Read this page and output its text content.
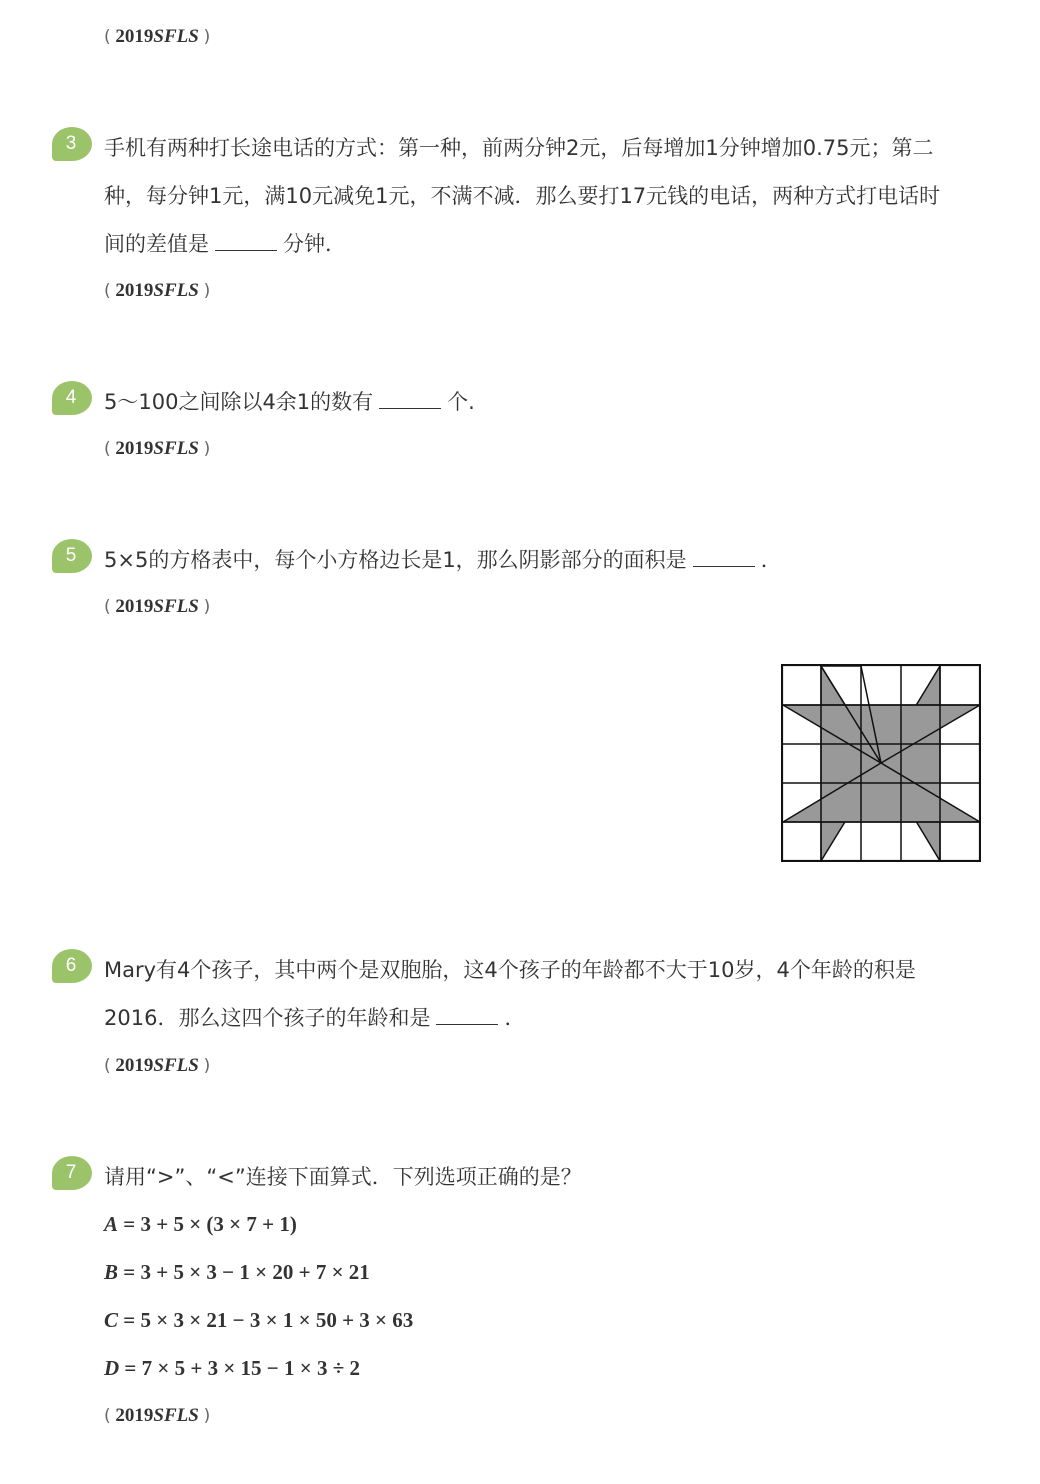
( 2019SFLS )
3	手机有两种打长途电话的方式：第一种，前两分钟2元，后每增加1分钟增加0.75元；第二
种，每分钟1元，满10元减免1元，不满不减．那么要打17元钱的电话，两种方式打电话时
间的差值是	分钟．
( 2019SFLS )
4	5～100之间除以4余1的数有	个.
( 2019SFLS )
5	5×5的方格表中，每个小方格边长是1，那么阴影部分的面积是	．
( 2019SFLS )
6	Mary有4个孩子，其中两个是双胞胎，这4个孩子的年龄都不大于10岁，4个年龄的积是
2016．那么这四个孩子的年龄和是	．
( 2019SFLS )
7	请用“>”、“<”连接下面算式．下列选项正确的是？
A = 3 + 5 × (3 × 7 + 1)
B = 3 + 5 × 3 − 1 × 20 + 7 × 21
C = 5 × 3 × 21 − 3 × 1 × 50 + 3 × 63
D = 7 × 5 + 3 × 15 − 1 × 3 ÷ 2
( 2019SFLS )
